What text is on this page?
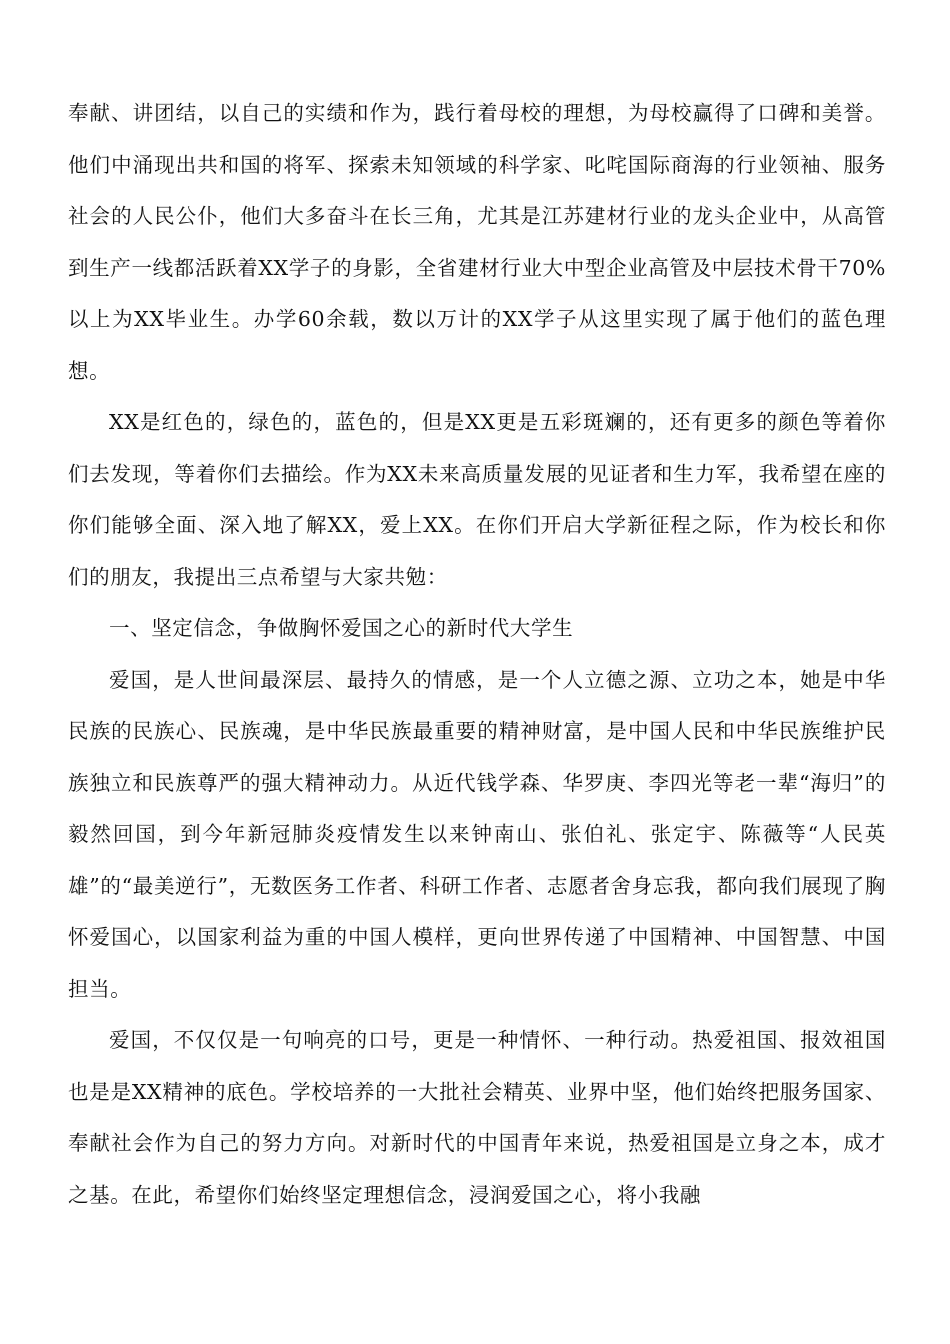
奉献、讲团结，以自己的实绩和作为，践行着母校的理想，为母校赢得了口碑和美誉。他们中涌现出共和国的将军、探索未知领域的科学家、叱咤国际商海的行业领袖、服务社会的人民公仆，他们大多奋斗在长三角，尤其是江苏建材行业的龙头企业中，从高管到生产一线都活跃着XX学子的身影，全省建材行业大中型企业高管及中层技术骨干70%以上为XX毕业生。办学60余载，数以万计的XX学子从这里实现了属于他们的蓝色理想。

XX是红色的，绿色的，蓝色的，但是XX更是五彩斑斓的，还有更多的颜色等着你们去发现，等着你们去描绘。作为XX未来高质量发展的见证者和生力军，我希望在座的你们能够全面、深入地了解XX，爱上XX。在你们开启大学新征程之际，作为校长和你们的朋友，我提出三点希望与大家共勉：

一、坚定信念，争做胸怀爱国之心的新时代大学生

爱国，是人世间最深层、最持久的情感，是一个人立德之源、立功之本，她是中华民族的民族心、民族魂，是中华民族最重要的精神财富，是中国人民和中华民族维护民族独立和民族尊严的强大精神动力。从近代钱学森、华罗庚、李四光等老一辈“海归”的毅然回国，到今年新冠肺炎疫情发生以来钟南山、张伯礼、张定宇、陈薇等“人民英雄”的“最美逆行”，无数医务工作者、科研工作者、志愿者舍身忘我，都向我们展现了胸怀爱国心，以国家利益为重的中国人模样，更向世界传递了中国精神、中国智慧、中国担当。

爱国，不仅仅是一句响亮的口号，更是一种情怀、一种行动。热爱祖国、报效祖国也是是XX精神的底色。学校培养的一大批社会精英、业界中坚，他们始终把服务国家、奉献社会作为自己的努力方向。对新时代的中国青年来说，热爱祖国是立身之本，成才之基。在此，希望你们始终坚定理想信念，浸润爱国之心，将小我融
